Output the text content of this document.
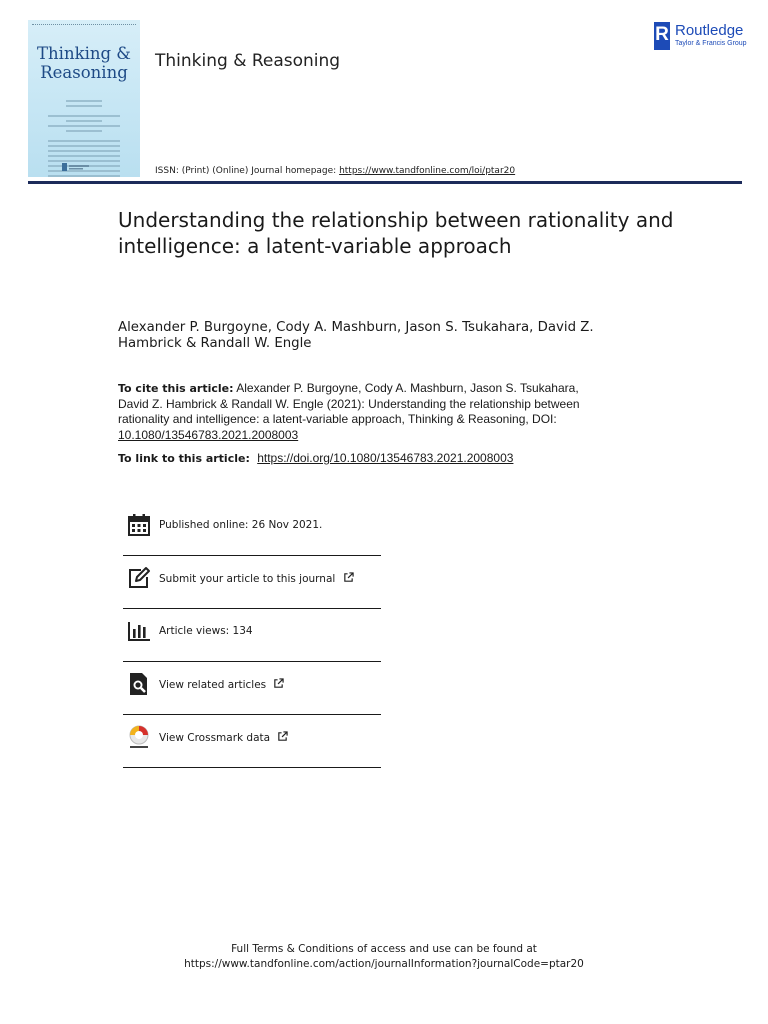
Thinking &
Reasoning
Thinking & Reasoning
R Routledge
Taylor & Francis Group
ISSN: (Print) (Online) Journal homepage: https://www.tandfonline.com/loi/ptar20
Understanding the relationship between rationality and intelligence: a latent-variable approach
Alexander P. Burgoyne, Cody A. Mashburn, Jason S. Tsukahara, David Z. Hambrick & Randall W. Engle
To cite this article: Alexander P. Burgoyne, Cody A. Mashburn, Jason S. Tsukahara, David Z. Hambrick & Randall W. Engle (2021): Understanding the relationship between rationality and intelligence: a latent-variable approach, Thinking & Reasoning, DOI: 10.1080/13546783.2021.2008003
To link to this article: https://doi.org/10.1080/13546783.2021.2008003
Published online: 26 Nov 2021.
Submit your article to this journal
Article views: 134
View related articles
View Crossmark data
Full Terms & Conditions of access and use can be found at
https://www.tandfonline.com/action/journalInformation?journalCode=ptar20
